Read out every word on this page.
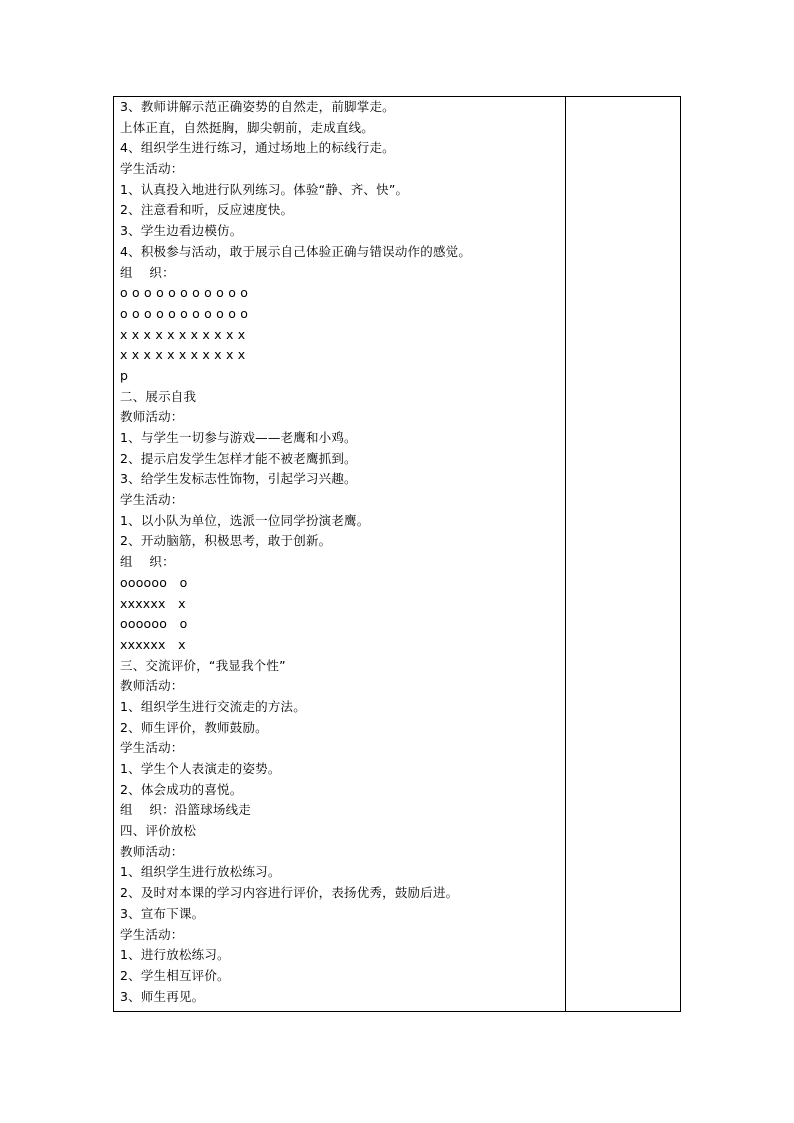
3、教师讲解示范正确姿势的自然走，前脚掌走。
上体正直，自然挺胸，脚尖朝前，走成直线。
4、组织学生进行练习，通过场地上的标线行走。
学生活动：
1、认真投入地进行队列练习。体验“静、齐、快”。
2、注意看和听，反应速度快。
3、学生边看边模仿。
4、积极参与活动，敢于展示自己体验正确与错误动作的感觉。
组    织：
o o o o o o o o o o o
o o o o o o o o o o o
x x x x x x x x x x x
x x x x x x x x x x x
p
二、展示自我
教师活动：
1、与学生一切参与游戏——老鹰和小鸡。
2、提示启发学生怎样才能不被老鹰抓到。
3、给学生发标志性饰物，引起学习兴趣。
学生活动：
1、以小队为单位，选派一位同学扮演老鹰。
2、开动脑筋，积极思考，敢于创新。
组    织：
oooooo   o
xxxxxx   x
oooooo   o
xxxxxx   x
三、交流评价，“我显我个性”
教师活动：
1、组织学生进行交流走的方法。
2、师生评价，教师鼓励。
学生活动：
1、学生个人表演走的姿势。
2、体会成功的喜悦。
组    织：沿篮球场线走
四、评价放松
教师活动：
1、组织学生进行放松练习。
2、及时对本课的学习内容进行评价，表扬优秀，鼓励后进。
3、宣布下课。
学生活动：
1、进行放松练习。
2、学生相互评价。
3、师生再见。
